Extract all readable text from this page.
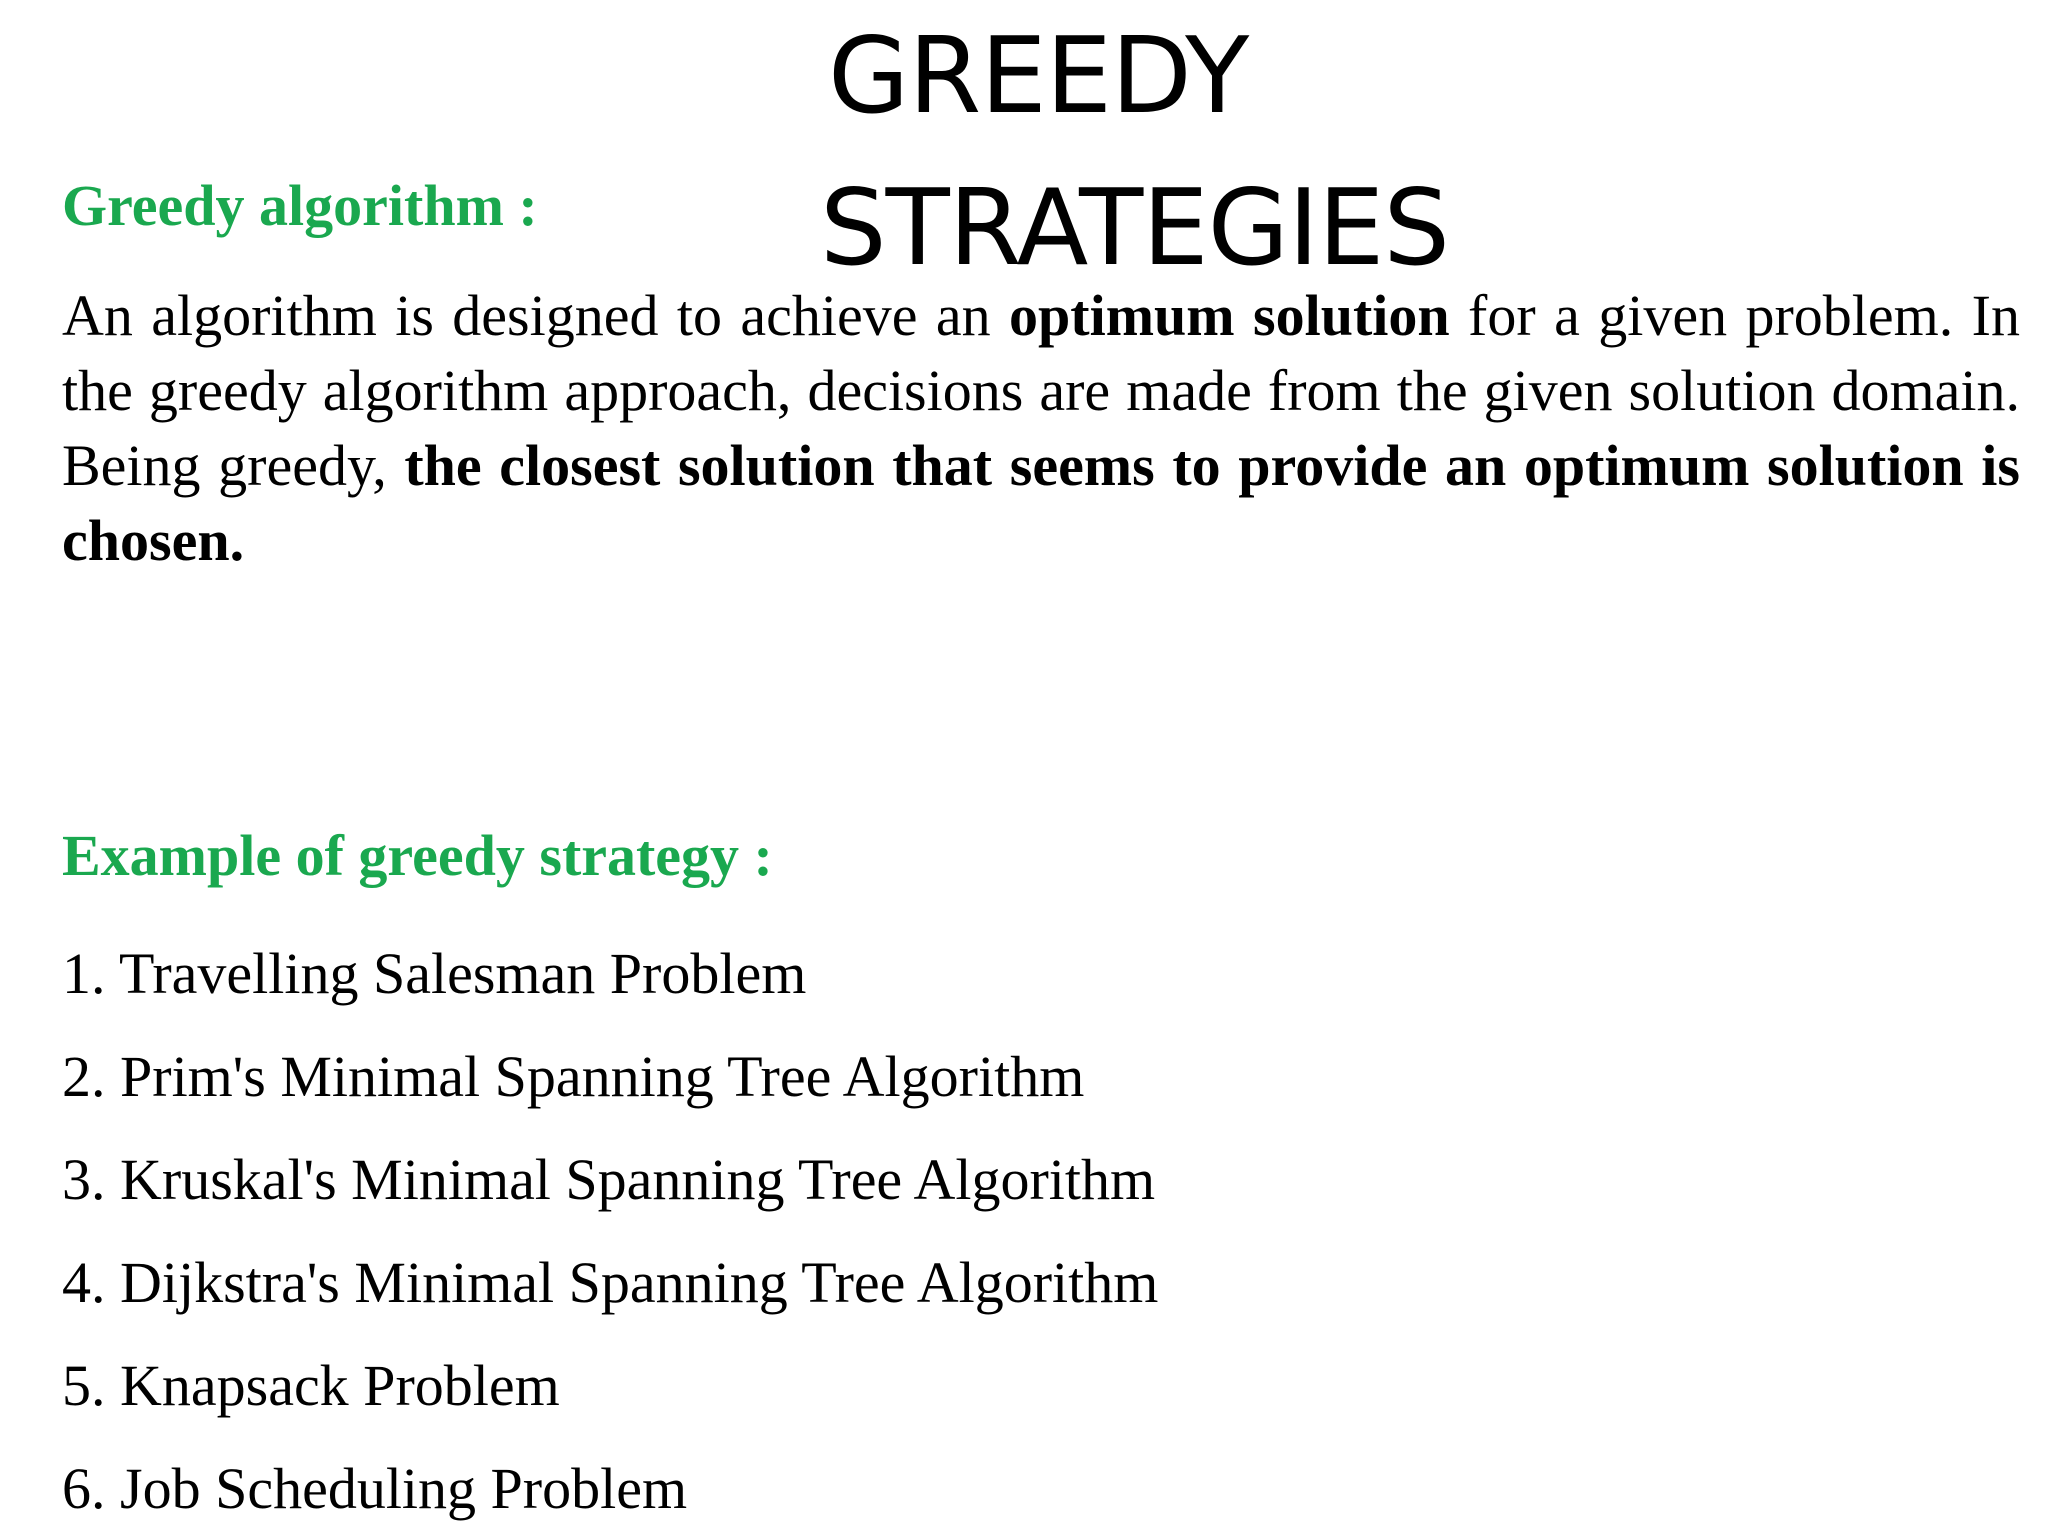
GREEDY
STRATEGIES
Greedy algorithm :

An algorithm is designed to achieve an optimum solution for a given problem. In the greedy algorithm approach, decisions are made from the given solution domain. Being greedy, the closest solution that seems to provide an optimum solution is chosen.

Example of greedy strategy :
1. Travelling Salesman Problem
2. Prim's Minimal Spanning Tree Algorithm
3. Kruskal's Minimal Spanning Tree Algorithm
4. Dijkstra's Minimal Spanning Tree Algorithm
5. Knapsack Problem
6. Job Scheduling Problem
